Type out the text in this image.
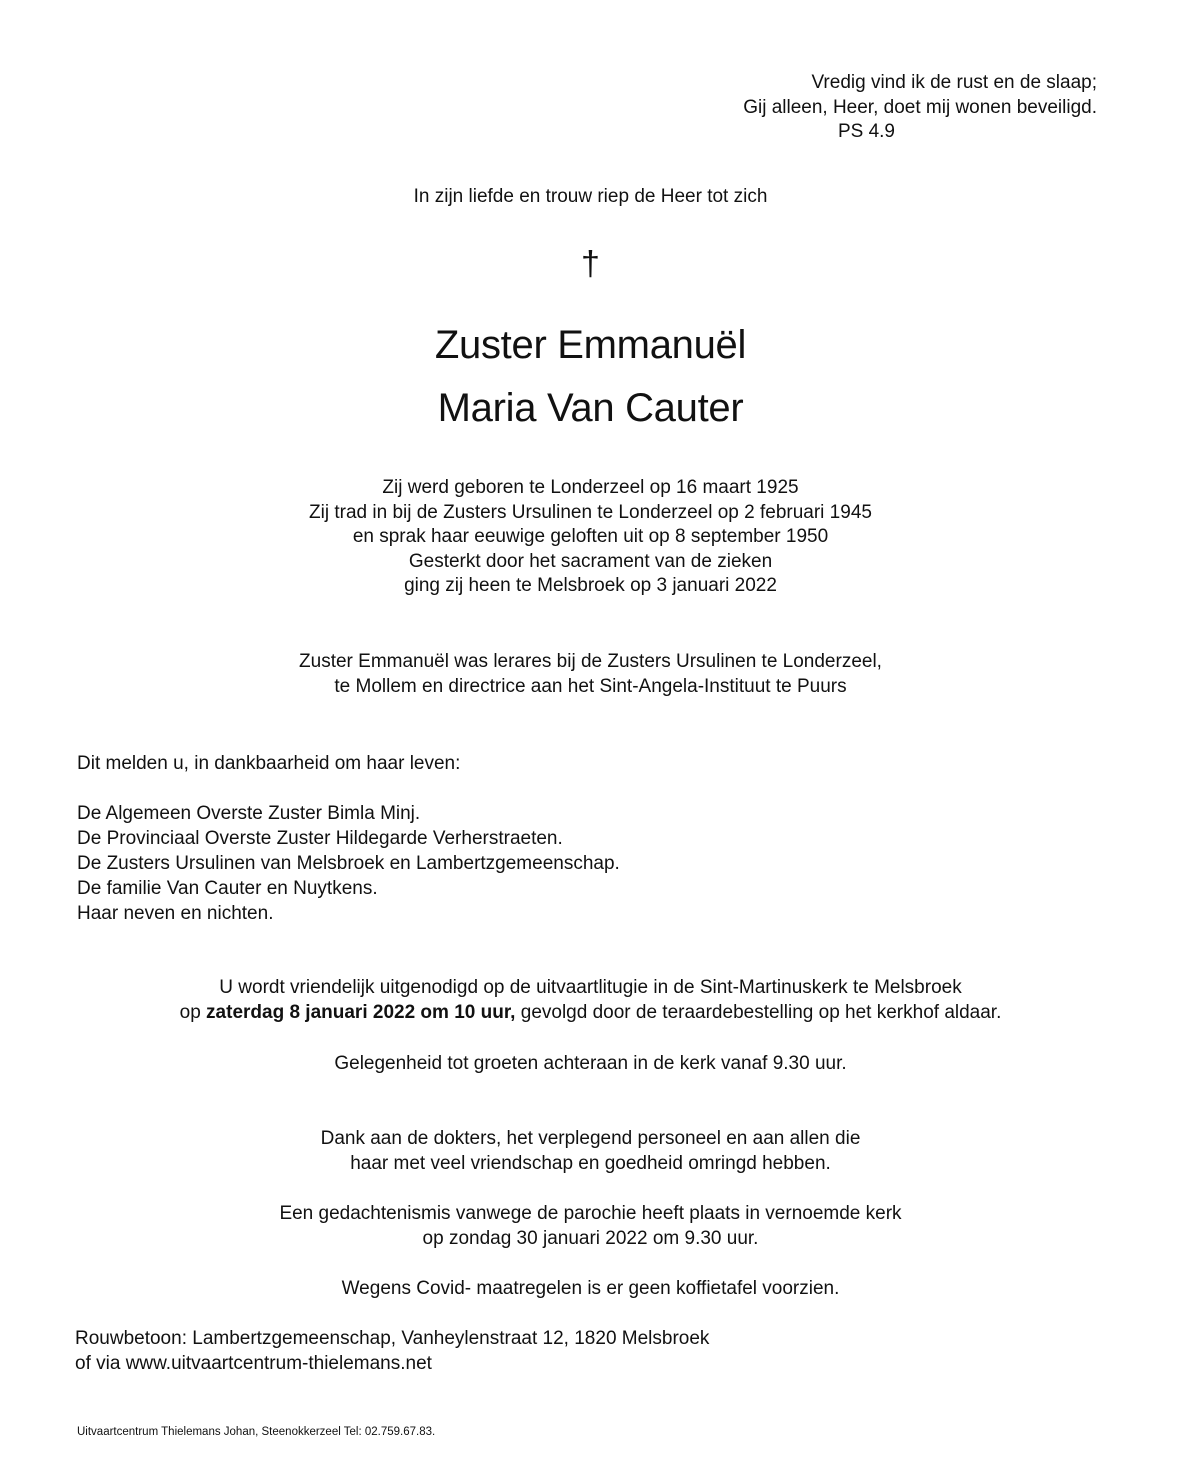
Vredig vind ik de rust en de slaap;
Gij alleen, Heer, doet mij wonen beveiligd.
PS 4.9
In zijn liefde en trouw riep de Heer tot zich
†
Zuster Emmanuël
Maria Van Cauter
Zij werd geboren te Londerzeel op 16 maart 1925
Zij trad in bij de Zusters Ursulinen te Londerzeel op 2 februari 1945
en sprak haar eeuwige geloften uit op 8 september 1950
Gesterkt door het sacrament van de zieken
ging zij heen te Melsbroek op 3 januari 2022
Zuster Emmanuël was lerares bij de Zusters Ursulinen te Londerzeel,
te Mollem en directrice aan het Sint-Angela-Instituut te Puurs
Dit melden u, in dankbaarheid om haar leven:
De Algemeen Overste Zuster Bimla Minj.
De Provinciaal Overste Zuster Hildegarde Verherstraeten.
De Zusters Ursulinen van Melsbroek en Lambertzgemeenschap.
De familie Van Cauter en Nuytkens.
Haar neven en nichten.
U wordt vriendelijk uitgenodigd op de uitvaartlitugie in de Sint-Martinuskerk te Melsbroek
op zaterdag 8 januari 2022 om 10 uur, gevolgd door de teraardebestelling op het kerkhof aldaar.
Gelegenheid tot groeten achteraan in de kerk vanaf 9.30 uur.
Dank aan de dokters, het verplegend personeel en aan allen die
haar met veel vriendschap en goedheid omringd hebben.
Een gedachtenismis vanwege de parochie heeft plaats in vernoemde kerk
op zondag 30 januari 2022 om 9.30 uur.
Wegens Covid- maatregelen is er geen koffietafel voorzien.
Rouwbetoon: Lambertzgemeenschap, Vanheylenstraat 12, 1820 Melsbroek
of via www.uitvaartcentrum-thielemans.net
Uitvaartcentrum Thielemans Johan, Steenokkerzeel Tel: 02.759.67.83.
